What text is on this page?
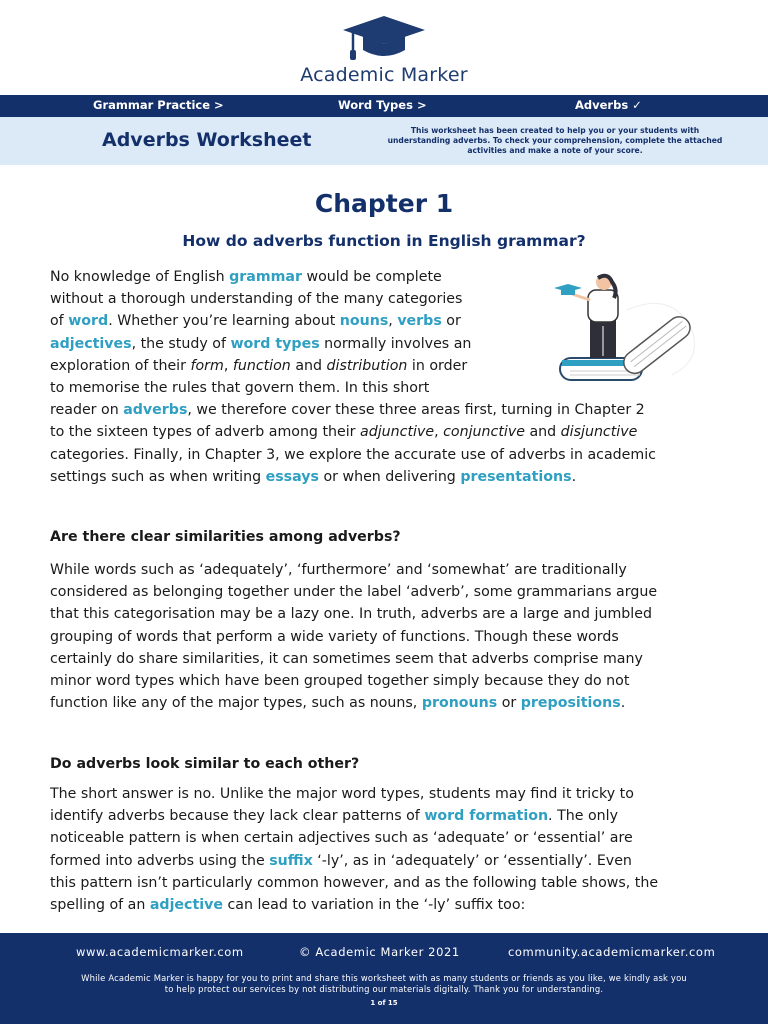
Academic Marker
Grammar Practice >	Word Types >	Adverbs ✓
Adverbs Worksheet	This worksheet has been created to help you or your students with understanding adverbs. To check your comprehension, complete the attached activities and make a note of your score.
Chapter 1
How do adverbs function in English grammar?
No knowledge of English grammar would be complete
without a thorough understanding of the many categories
of word. Whether you’re learning about nouns, verbs or
adjectives, the study of word types normally involves an
exploration of their form, function and distribution in order
to memorise the rules that govern them. In this short
reader on adverbs, we therefore cover these three areas first, turning in Chapter 2
to the sixteen types of adverb among their adjunctive, conjunctive and disjunctive
categories. Finally, in Chapter 3, we explore the accurate use of adverbs in academic
settings such as when writing essays or when delivering presentations.
Are there clear similarities among adverbs?
While words such as ‘adequately’, ‘furthermore’ and ‘somewhat’ are traditionally
considered as belonging together under the label ‘adverb’, some grammarians argue
that this categorisation may be a lazy one. In truth, adverbs are a large and jumbled
grouping of words that perform a wide variety of functions. Though these words
certainly do share similarities, it can sometimes seem that adverbs comprise many
minor word types which have been grouped together simply because they do not
function like any of the major types, such as nouns, pronouns or prepositions.
Do adverbs look similar to each other?
The short answer is no. Unlike the major word types, students may find it tricky to
identify adverbs because they lack clear patterns of word formation. The only
noticeable pattern is when certain adjectives such as ‘adequate’ or ‘essential’ are
formed into adverbs using the suffix ‘-ly’, as in ‘adequately’ or ‘essentially’. Even
this pattern isn’t particularly common however, and as the following table shows, the
spelling of an adjective can lead to variation in the ‘-ly’ suffix too:
www.academicmarker.com	© Academic Marker 2021	community.academicmarker.com
While Academic Marker is happy for you to print and share this worksheet with as many students or friends as you like, we kindly ask you to help protect our services by not distributing our materials digitally. Thank you for understanding.
1 of 15
